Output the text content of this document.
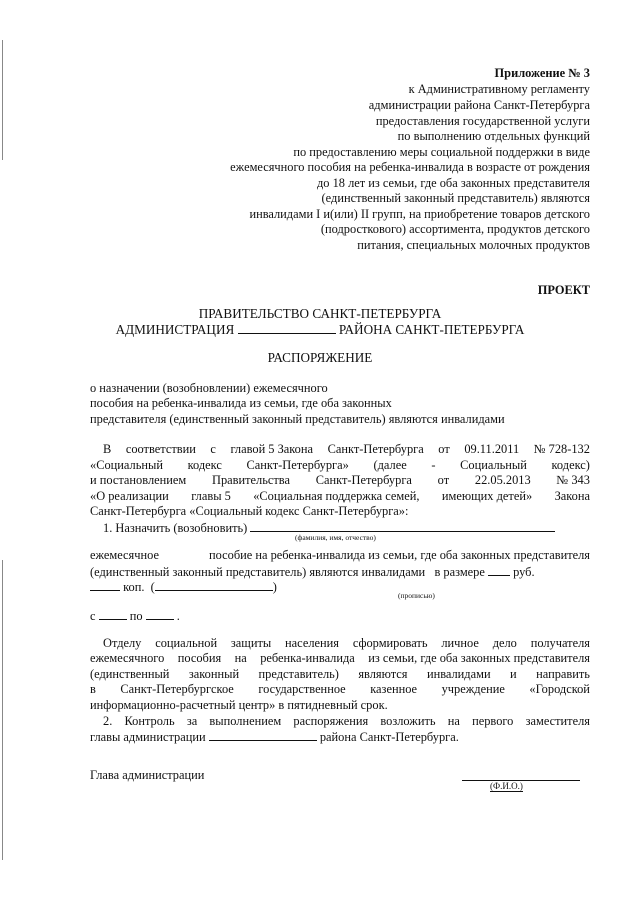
Приложение № 3
к Административному регламенту
администрации района Санкт-Петербурга
предоставления государственной услуги
по выполнению отдельных функций
по предоставлению меры социальной поддержки в виде
ежемесячного пособия на ребенка-инвалида в возрасте от рождения
до 18 лет из семьи, где оба законных представителя
(единственный законный представитель) являются
инвалидами I и(или) II групп, на приобретение товаров детского
(подросткового) ассортимента, продуктов детского
питания, специальных молочных продуктов
ПРОЕКТ
ПРАВИТЕЛЬСТВО САНКТ-ПЕТЕРБУРГА
АДМИНИСТРАЦИЯ	РАЙОНА САНКТ-ПЕТЕРБУРГА
РАСПОРЯЖЕНИЕ
о назначении (возобновлении) ежемесячного
пособия на ребенка-инвалида из семьи, где оба законных
представителя (единственный законный представитель) являются инвалидами
В соответствии с главой 5 Закона Санкт-Петербурга от 09.11.2011 № 728-132
«Социальный кодекс Санкт-Петербурга» (далее - Социальный кодекс)
и постановлением Правительства Санкт-Петербурга от 22.05.2013 № 343
«О реализации главы 5 «Социальная поддержка семей, имеющих детей» Закона
Санкт-Петербурга «Социальный кодекс Санкт-Петербурга»:
1. Назначить (возобновить)
(фамилия, имя, отчество)
ежемесячное	пособие на ребенка-инвалида из семьи, где оба законных представителя
(единственный законный представитель) являются инвалидами в размере руб.
коп. (	)
(прописью)
с	по	.
Отделу социальной защиты населения сформировать личное дело получателя
ежемесячного пособия на ребенка-инвалида из семьи, где оба законных представителя
(единственный законный представитель) являются инвалидами и направить
в Санкт-Петербургское государственное казенное учреждение «Городской
информационно-расчетный центр» в пятидневный срок.
2. Контроль за выполнением распоряжения возложить на первого заместителя
главы администрации	района Санкт-Петербурга.
Глава администрации
(Ф.И.О.)
